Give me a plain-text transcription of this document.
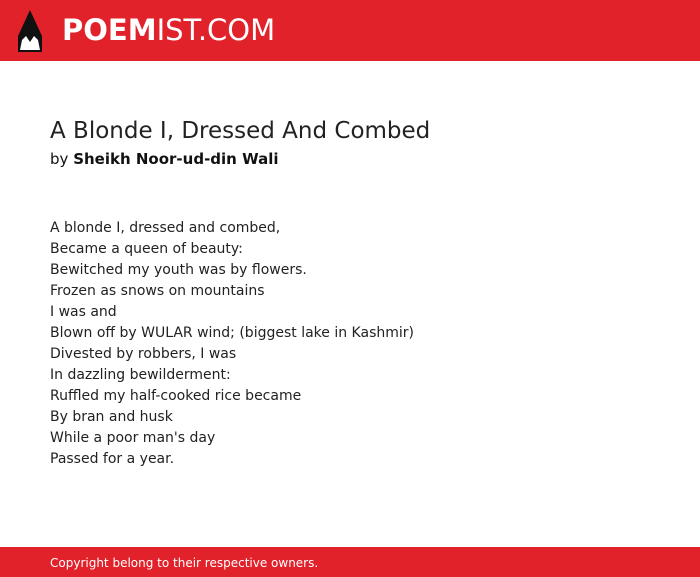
POEMIST.COM
A Blonde I, Dressed And Combed
by Sheikh Noor-ud-din Wali
A blonde I, dressed and combed,
Became a queen of beauty:
Bewitched my youth was by flowers.
Frozen as snows on mountains
I was and
Blown off by WULAR wind; (biggest lake in Kashmir)
Divested by robbers, I was
In dazzling bewilderment:
Ruffled my half-cooked rice became
By bran and husk
While a poor man's day
Passed for a year.
Copyright belong to their respective owners.
